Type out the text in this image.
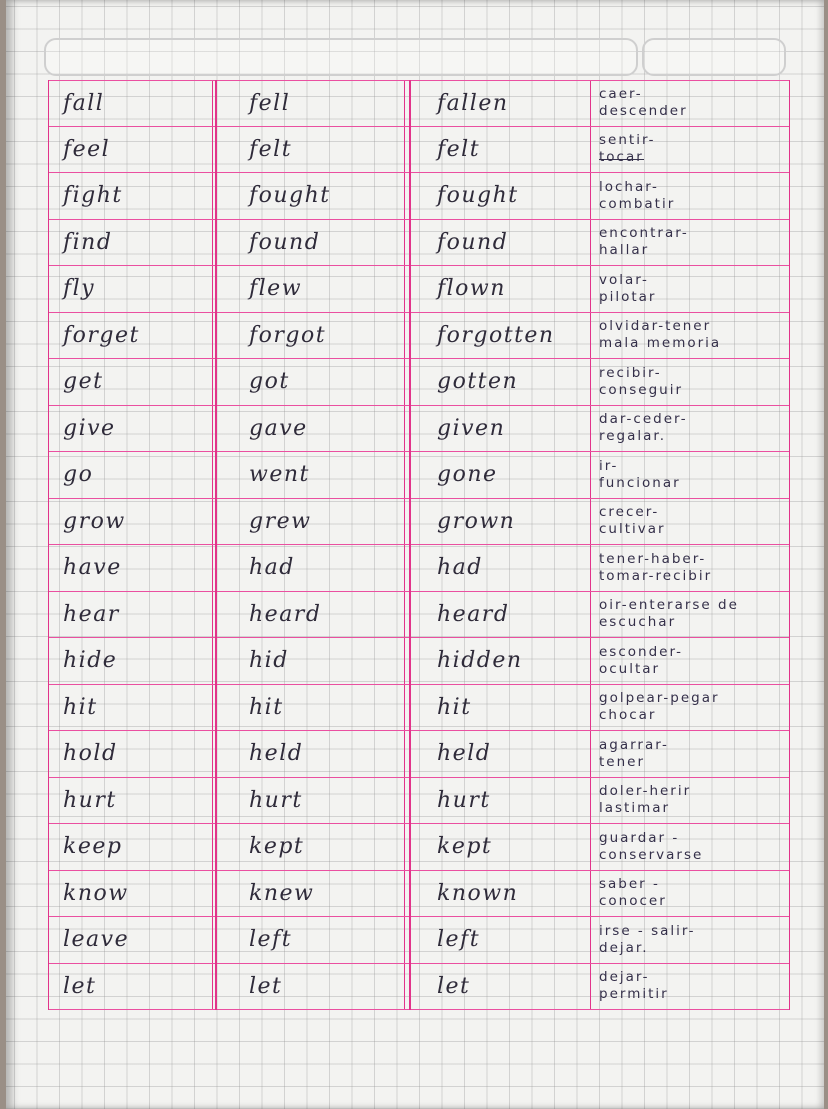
fall	fell	fallen	caer-
descender
feel	felt	felt	sentir-
tocar
fight	fought	fought	lochar-
combatir
find	found	found	encontrar-
hallar
fly	flew	flown	volar-
pilotar
forget	forgot	forgotten	olvidar-tener
mala memoria
get	got	gotten	recibir-
conseguir
give	gave	given	dar-ceder-
regalar.
go	went	gone	ir-
funcionar
grow	grew	grown	crecer-
cultivar
have	had	had	tener-haber-
tomar-recibir
hear	heard	heard	oir-enterarse de
escuchar
hide	hid	hidden	esconder-
ocultar
hit	hit	hit	golpear-pegar
chocar
hold	held	held	agarrar-
tener
hurt	hurt	hurt	doler-herir
lastimar
keep	kept	kept	guardar -
conservarse
know	knew	known	saber -
conocer
leave	left	left	irse - salir-
dejar.
let	let	let	dejar-
permitir
